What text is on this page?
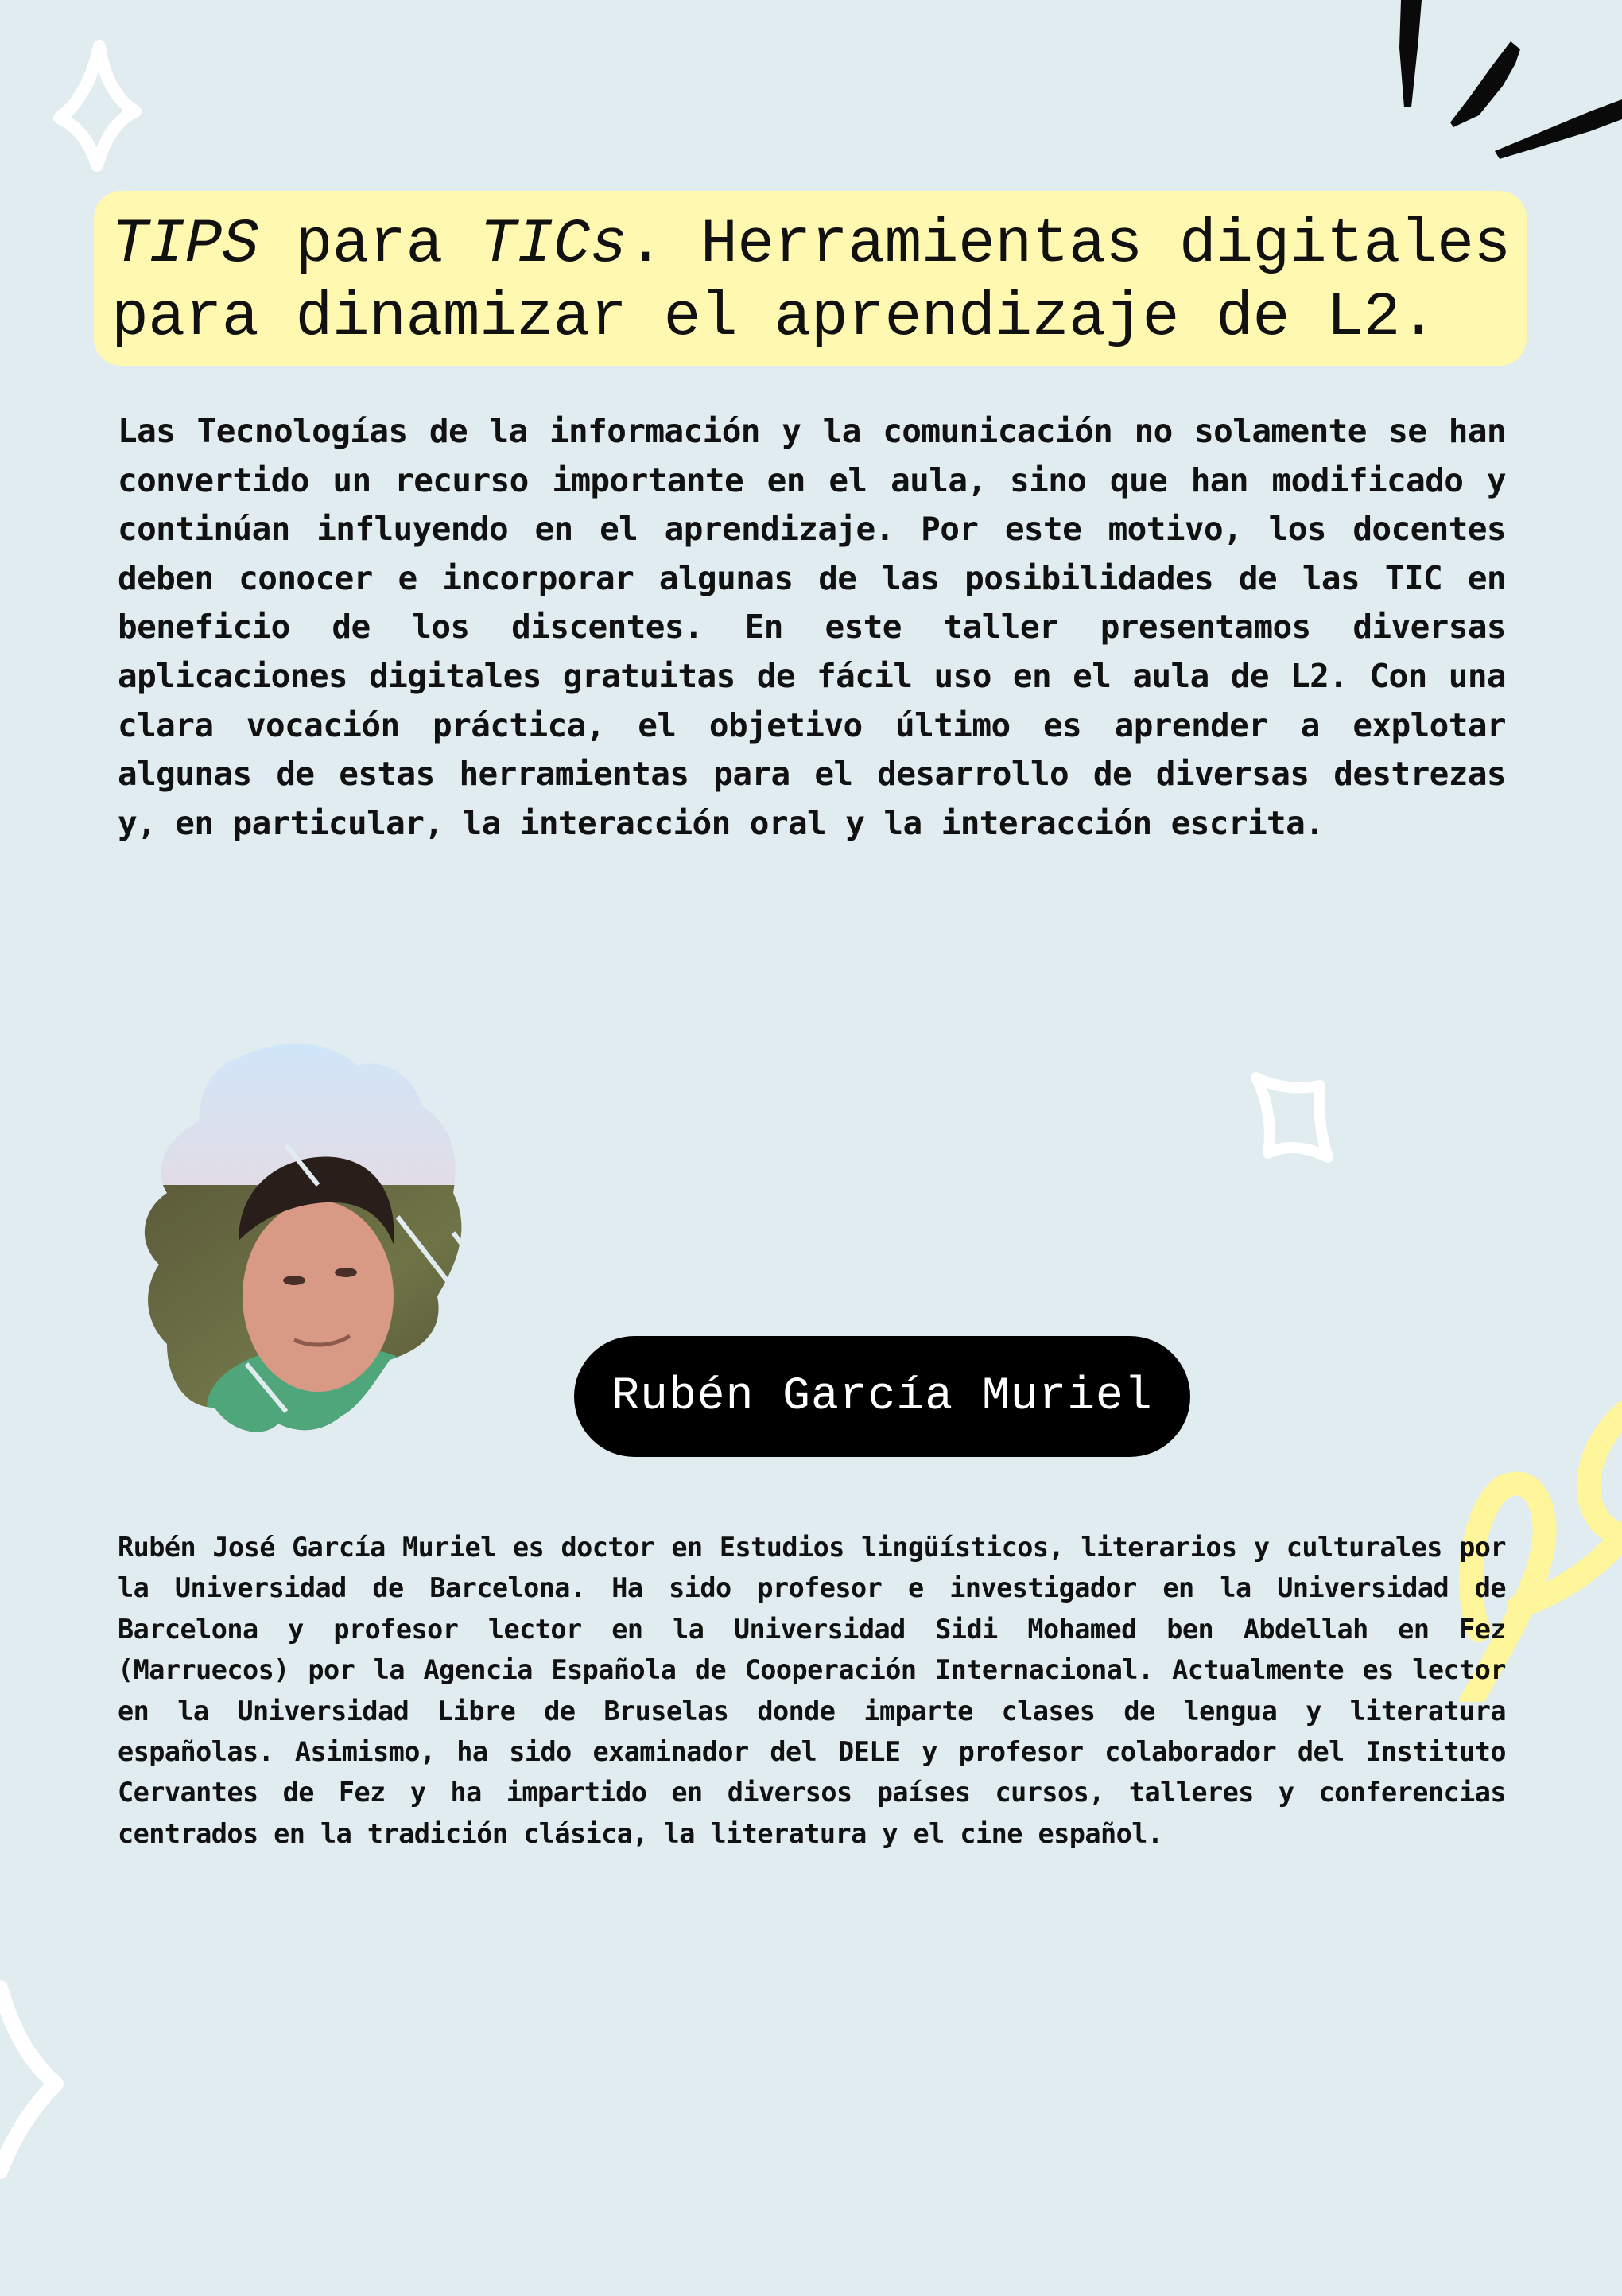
TIPS para TICs. Herramientas digitales
para dinamizar el aprendizaje de L2.

Las Tecnologías de la información y la comunicación no solamente se han convertido un recurso importante en el aula, sino que han modificado y continúan influyendo en el aprendizaje. Por este motivo, los docentes deben conocer e incorporar algunas de las posibilidades de las TIC en beneficio de los discentes. En este taller presentamos diversas aplicaciones digitales gratuitas de fácil uso en el aula de L2. Con una clara vocación práctica, el objetivo último es aprender a explotar algunas de estas herramientas para el desarrollo de diversas destrezas y, en particular, la interacción oral y la interacción escrita.

Rubén García Muriel

Rubén José García Muriel es doctor en Estudios lingüísticos, literarios y culturales por la Universidad de Barcelona. Ha sido profesor e investigador en la Universidad de Barcelona y profesor lector en la Universidad Sidi Mohamed ben Abdellah en Fez (Marruecos) por la Agencia Española de Cooperación Internacional. Actualmente es lector en la Universidad Libre de Bruselas donde imparte clases de lengua y literatura españolas. Asimismo, ha sido examinador del DELE y profesor colaborador del Instituto Cervantes de Fez y ha impartido en diversos países cursos, talleres y conferencias centrados en la tradición clásica, la literatura y el cine español.
